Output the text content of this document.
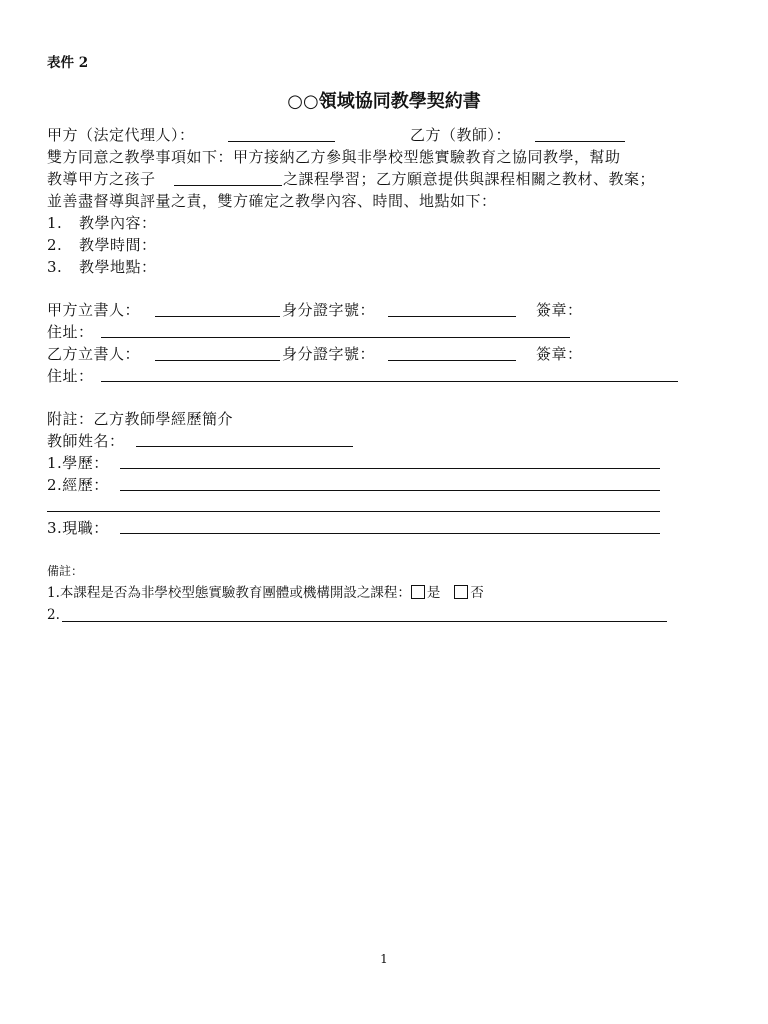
表件 2
○○領域協同教學契約書
甲方（法定代理人）：	乙方（教師）：
雙方同意之教學事項如下：甲方接納乙方參與非學校型態實驗教育之協同教學，幫助
教導甲方之孩子	之課程學習；乙方願意提供與課程相關之教材、教案；
並善盡督導與評量之責，雙方確定之教學內容、時間、地點如下：
1. 教學內容：
2. 教學時間：
3. 教學地點：
甲方立書人：	身分證字號：	簽章：
住址：
乙方立書人：	身分證字號：	簽章：
住址：
附註：乙方教師學經歷簡介
教師姓名：
1.學歷：
2.經歷：
3.現職：
備註：
1.本課程是否為非學校型態實驗教育團體或機構開設之課程： 是 否
2.
1
